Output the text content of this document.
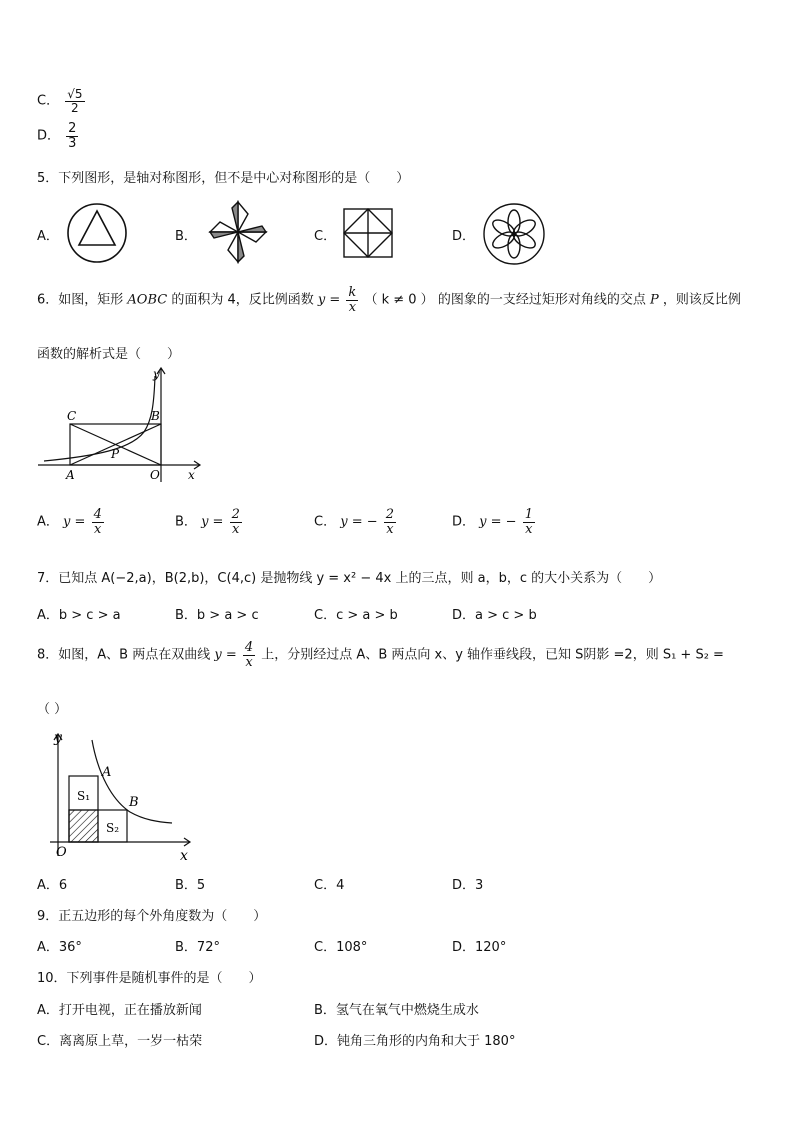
C． $\frac{√5}{2}$
D． $\frac{2}{3}$
5．下列图形，是轴对称图形，但不是中心对称图形的是（　　）
A．	B．	C．	D．
6．如图，矩形 AOBC 的面积为 4，反比例函数 $y = \frac{k}{x}$ （ k ≠ 0 ） 的图象的一支经过矩形对角线的交点 P ，则该反比例
函数的解析式是（　　）
y
x
C	B
A	O
P
A． $y = \frac{4}{x}$	B． $y = \frac{2}{x}$	C． y = − $\frac{2}{x}$	D． y = − $\frac{1}{x}$
7．已知点 A(−2,a)，B(2,b)，C(4,c) 是抛物线 y = x² − 4x 上的三点，则 a，b，c 的大小关系为（　　）
A．b > c > a	B．b > a > c	C．c > a > b	D．a > c > b
8．如图，A、B 两点在双曲线 $y = \frac{4}{x}$ 上，分别经过点 A、B 两点向 x、y 轴作垂线段，已知 S阴影 =2，则 S₁ + S₂ =
（ ）
y
x
O
A
B
S₁
S₂
A．6	B．5	C．4	D．3
9．正五边形的每个外角度数为（　　）
A．36°	B．72°	C．108°	D．120°
10．下列事件是随机事件的是（　　）
A．打开电视，正在播放新闻	B．氢气在氧气中燃烧生成水
C．离离原上草，一岁一枯荣	D．钝角三角形的内角和大于 180°
